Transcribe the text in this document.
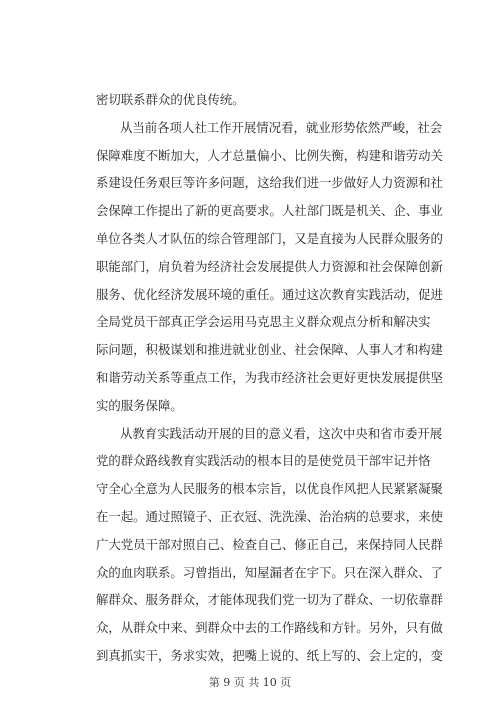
密切联系群众的优良传统。
从当前各项人社工作开展情况看，就业形势依然严峻，社会
保障难度不断加大，人才总量偏小、比例失衡，构建和谐劳动关
系建设任务艰巨等许多问题，这给我们进一步做好人力资源和社
会保障工作提出了新的更高要求。人社部门既是机关、企、事业
单位各类人才队伍的综合管理部门，又是直接为人民群众服务的
职能部门，肩负着为经济社会发展提供人力资源和社会保障创新
服务、优化经济发展环境的重任。通过这次教育实践活动，促进
全局党员干部真正学会运用马克思主义群众观点分析和解决实
际问题，积极谋划和推进就业创业、社会保障、人事人才和构建
和谐劳动关系等重点工作，为我市经济社会更好更快发展提供坚
实的服务保障。
从教育实践活动开展的目的意义看，这次中央和省市委开展
党的群众路线教育实践活动的根本目的是使党员干部牢记并恪
守全心全意为人民服务的根本宗旨，以优良作风把人民紧紧凝聚
在一起。通过照镜子、正衣冠、洗洗澡、治治病的总要求，来使
广大党员干部对照自己、检查自己、修正自己，来保持同人民群
众的血肉联系。习曾指出，知屋漏者在宇下。只在深入群众、了
解群众、服务群众，才能体现我们党一切为了群众、一切依靠群
众，从群众中来、到群众中去的工作路线和方针。另外，只有做
到真抓实干，务求实效，把嘴上说的、纸上写的、会上定的，变
第 9 页 共 10 页
